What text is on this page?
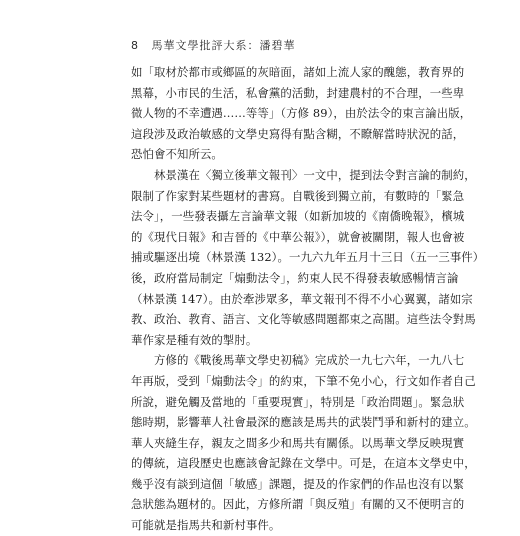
8 馬華文學批評大系：潘碧華

如「取材於都市或鄉區的灰暗面，諸如上流人家的醜態，教育界的

黑幕，小市民的生活，私會黨的活動，封建農村的不合理，一些卑

微人物的不幸遭遇……等等」（方修 89），由於法令的束言論出版，

這段涉及政治敏感的文學史寫得有點含糊，不瞭解當時狀況的話，

恐怕會不知所云。

　　林景漢在〈獨立後華文報刊〉一文中，提到法令對言論的制約，

限制了作家對某些題材的書寫。自戰後到獨立前，有數時的「緊急

法令」，一些發表攝左言論華文報（如新加坡的《南僑晚報》，檳城

的《現代日報》和吉晉的《中華公報》），就會被關閉，報人也會被

捕或驅逐出境（林景漢 132）。一九六九年五月十三日（五一三事件）

後，政府當局制定「煽動法令」，約束人民不得發表敏感暢情言論

（林景漢 147）。由於牽涉眾多，華文報刊不得不小心翼翼，諸如宗

教、政治、教育、語言、文化等敏感問題都束之高閣。這些法令對馬

華作家是種有效的掣肘。

　　方修的《戰後馬華文學史初稿》完成於一九七六年，一九八七

年再版，受到「煽動法令」的約束，下筆不免小心，行文如作者自己

所說，避免觸及當地的「重要現實」，特別是「政治問題」。緊急狀

態時期，影響華人社會最深的應該是馬共的武裝鬥爭和新村的建立。

華人夾縫生存，親友之間多少和馬共有關係。以馬華文學反映現實

的傳統，這段歷史也應該會記錄在文學中。可是，在這本文學史中，

幾乎沒有談到這個「敏感」課題，提及的作家們的作品也沒有以緊

急狀態為題材的。因此，方修所謂「與反殖」有關的又不便明言的

可能就是指馬共和新村事件。
